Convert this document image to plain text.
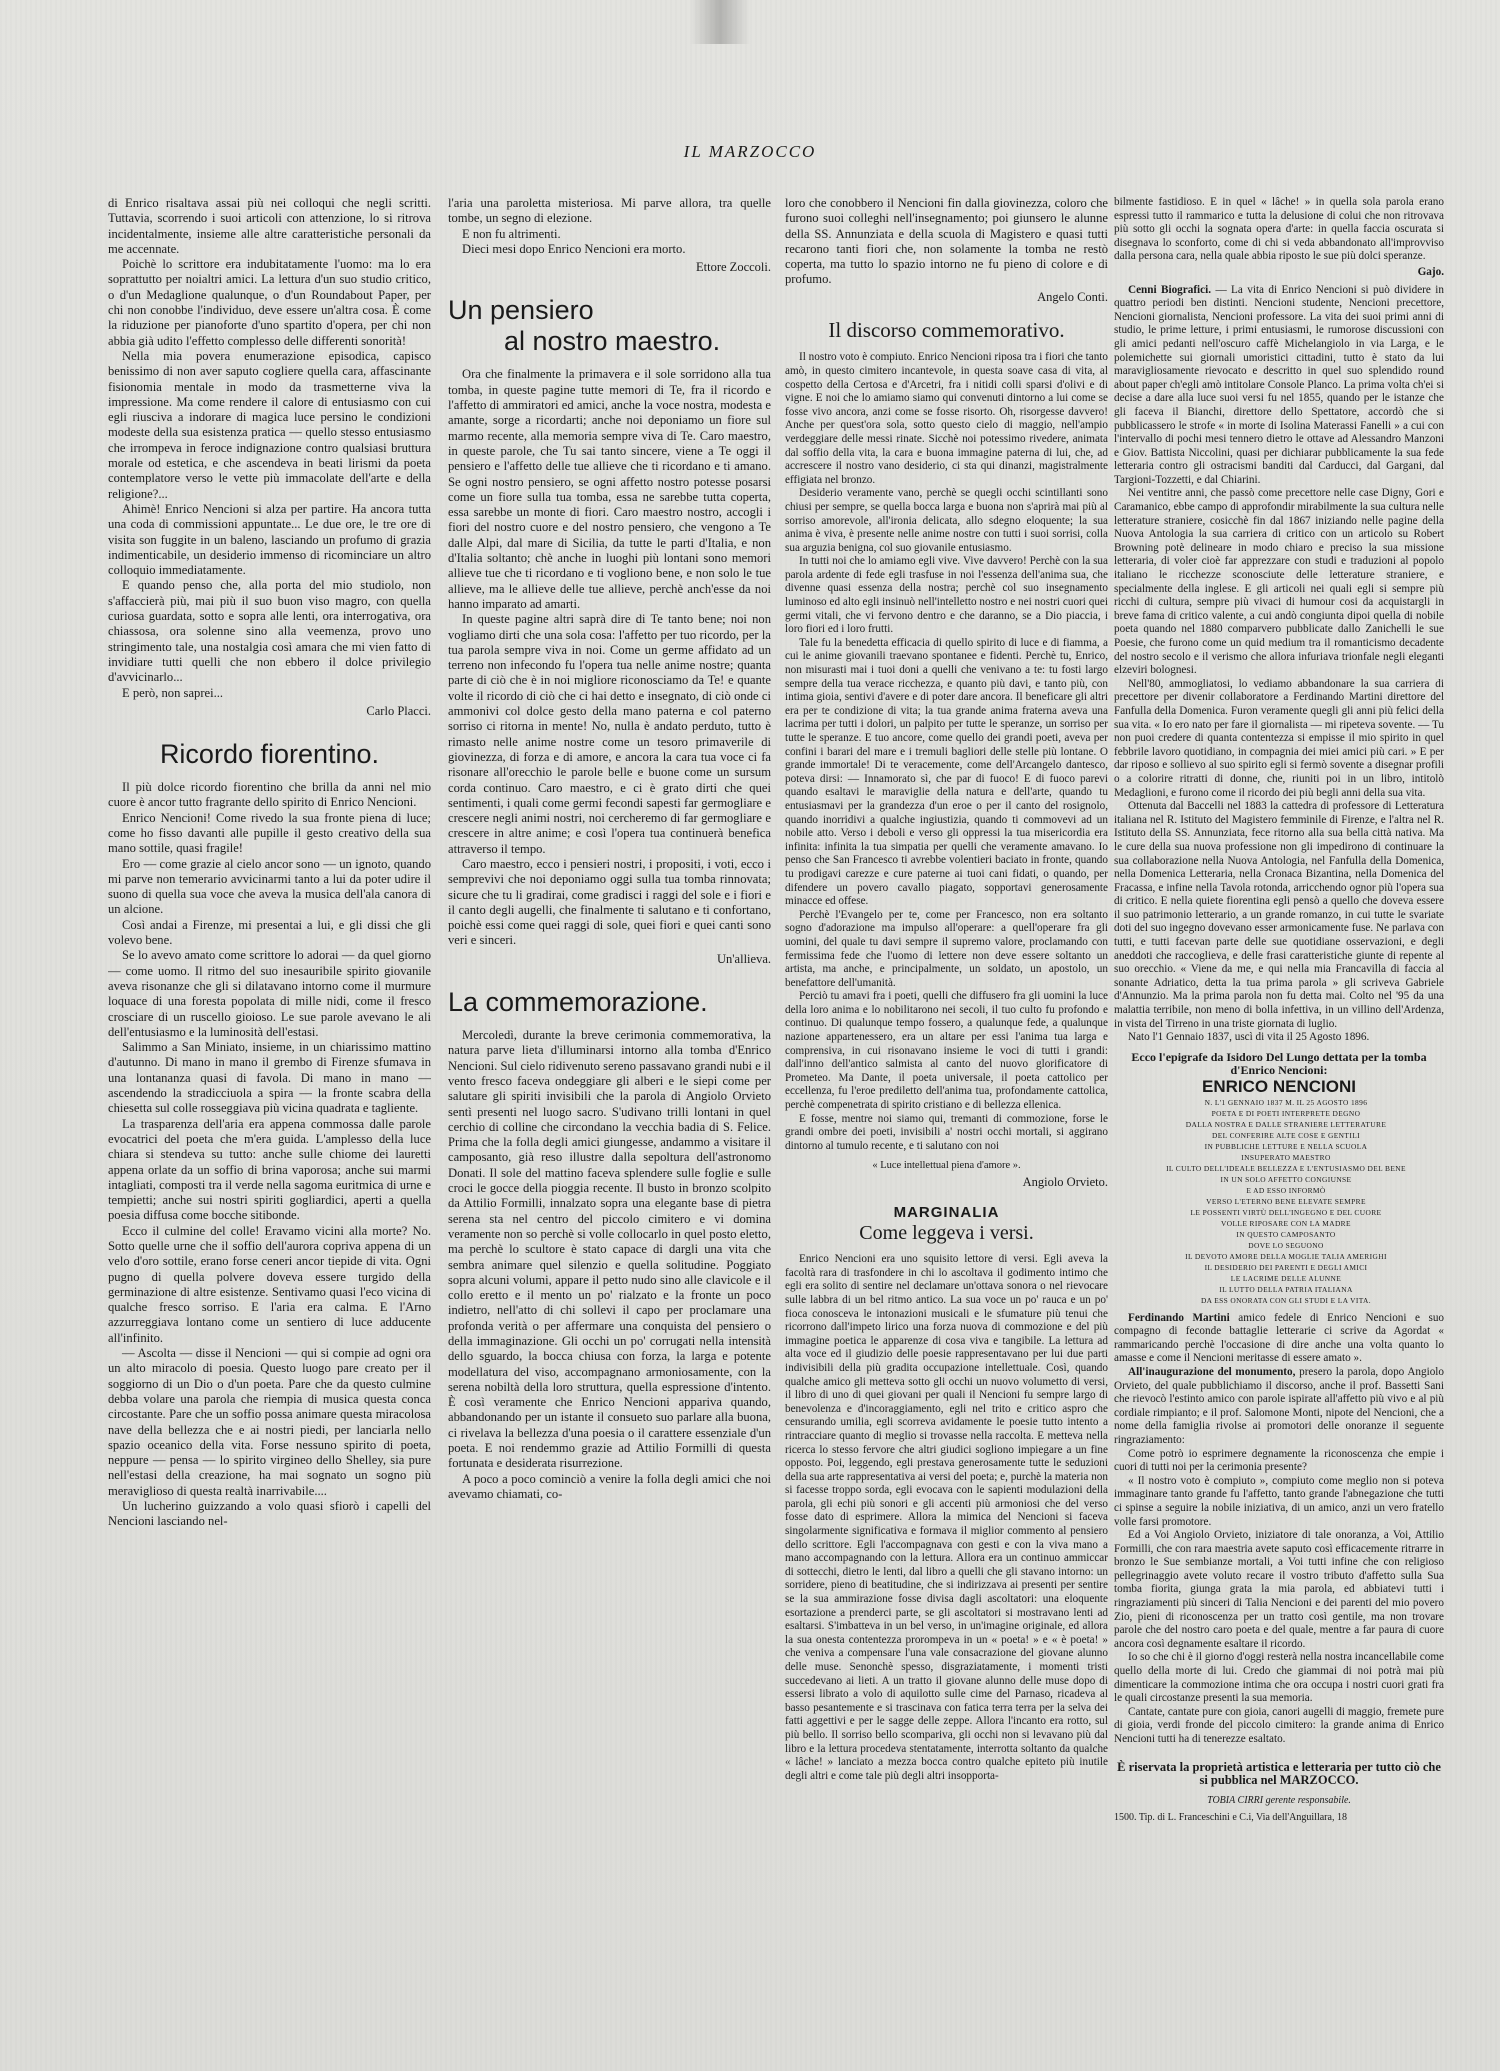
IL MARZOCCO

di Enrico risaltava assai più nei colloqui che negli scritti. Tuttavia, scorrendo i suoi articoli con attenzione, lo si ritrova incidentalmente, insieme alle altre caratteristiche personali da me accennate.

Poichè lo scrittore era indubitatamente l'uomo: ma lo era soprattutto per noialtri amici. La lettura d'un suo studio critico, o d'un Medaglione qualunque, o d'un Roundabout Paper, per chi non conobbe l'individuo, deve essere un'altra cosa. È come la riduzione per pianoforte d'uno spartito d'opera, per chi non abbia già udito l'effetto complesso delle differenti sonorità!

Nella mia povera enumerazione episodica, capisco benissimo di non aver saputo cogliere quella cara, affascinante fisionomia mentale in modo da trasmetterne viva la impressione. Ma come rendere il calore di entusiasmo con cui egli riusciva a indorare di magica luce persino le condizioni modeste della sua esistenza pratica — quello stesso entusiasmo che irrompeva in feroce indignazione contro qualsiasi bruttura morale od estetica, e che ascendeva in beati lirismi da poeta contemplatore verso le vette più immacolate dell'arte e della religione?...

Ahimè! Enrico Nencioni si alza per partire. Ha ancora tutta una coda di commissioni appuntate... Le due ore, le tre ore di visita son fuggite in un baleno, lasciando un profumo di grazia indimenticabile, un desiderio immenso di ricominciare un altro colloquio immediatamente.

E quando penso che, alla porta del mio studiolo, non s'affaccierà più, mai più il suo buon viso magro, con quella curiosa guardata, sotto e sopra alle lenti, ora interrogativa, ora chiassosa, ora solenne sino alla veemenza, provo uno stringimento tale, una nostalgia così amara che mi vien fatto di invidiare tutti quelli che non ebbero il dolce privilegio d'avvicinarlo...

E però, non saprei...

Carlo Placci.
Ricordo fiorentino.

Il più dolce ricordo fiorentino che brilla da anni nel mio cuore è ancor tutto fragrante dello spirito di Enrico Nencioni.

Enrico Nencioni! Come rivedo la sua fronte piena di luce; come ho fisso davanti alle pupille il gesto creativo della sua mano sottile, quasi fragile!

Ero — come grazie al cielo ancor sono — un ignoto, quando mi parve non temerario avvicinarmi tanto a lui da poter udire il suono di quella sua voce che aveva la musica dell'ala canora di un alcione.

Così andai a Firenze, mi presentai a lui, e gli dissi che gli volevo bene.

Se lo avevo amato come scrittore lo adorai — da quel giorno — come uomo. Il ritmo del suo inesauribile spirito giovanile aveva risonanze che gli si dilatavano intorno come il murmure loquace di una foresta popolata di mille nidi, come il fresco crosciare di un ruscello gioioso. Le sue parole avevano le ali dell'entusiasmo e la luminosità dell'estasi.

Salimmo a San Miniato, insieme, in un chiarissimo mattino d'autunno. Di mano in mano il grembo di Firenze sfumava in una lontananza quasi di favola. Di mano in mano — ascendendo la stradicciuola a spira — la fronte scabra della chiesetta sul colle rosseggiava più vicina quadrata e tagliente.

La trasparenza dell'aria era appena commossa dalle parole evocatrici del poeta che m'era guida. L'amplesso della luce chiara si stendeva su tutto: anche sulle chiome dei lauretti appena orlate da un soffio di brina vaporosa; anche sui marmi intagliati, composti tra il verde nella sagoma euritmica di urne e tempietti; anche sui nostri spiriti gogliardici, aperti a quella poesia diffusa come bocche sitibonde.

Ecco il culmine del colle! Eravamo vicini alla morte? No. Sotto quelle urne che il soffio dell'aurora copriva appena di un velo d'oro sottile, erano forse ceneri ancor tiepide di vita. Ogni pugno di quella polvere doveva essere turgido della germinazione di altre esistenze. Sentivamo quasi l'eco vicina di qualche fresco sorriso. E l'aria era calma. E l'Arno azzurreggiava lontano come un sentiero di luce adducente all'infinito.

— Ascolta — disse il Nencioni — qui si compie ad ogni ora un alto miracolo di poesia. Questo luogo pare creato per il soggiorno di un Dio o d'un poeta. Pare che da questo culmine debba volare una parola che riempia di musica questa conca circostante. Pare che un soffio possa animare questa miracolosa nave della bellezza che e ai nostri piedi, per lanciarla nello spazio oceanico della vita. Forse nessuno spirito di poeta, neppure — pensa — lo spirito virgineo dello Shelley, sia pure nell'estasi della creazione, ha mai sognato un sogno più meraviglioso di questa realtà inarrivabile....

Un lucherino guizzando a volo quasi sfiorò i capelli del Nencioni lasciando nel-

l'aria una paroletta misteriosa. Mi parve allora, tra quelle tombe, un segno di elezione.

E non fu altrimenti.

Dieci mesi dopo Enrico Nencioni era morto.

Ettore Zoccoli.
Un pensiero
al nostro maestro.

Ora che finalmente la primavera e il sole sorridono alla tua tomba, in queste pagine tutte memori di Te, fra il ricordo e l'affetto di ammiratori ed amici, anche la voce nostra, modesta e amante, sorge a ricordarti; anche noi deponiamo un fiore sul marmo recente, alla memoria sempre viva di Te. Caro maestro, in queste parole, che Tu sai tanto sincere, viene a Te oggi il pensiero e l'affetto delle tue allieve che ti ricordano e ti amano. Se ogni nostro pensiero, se ogni affetto nostro potesse posarsi come un fiore sulla tua tomba, essa ne sarebbe tutta coperta, essa sarebbe un monte di fiori. Caro maestro nostro, accogli i fiori del nostro cuore e del nostro pensiero, che vengono a Te dalle Alpi, dal mare di Sicilia, da tutte le parti d'Italia, e non d'Italia soltanto; chè anche in luoghi più lontani sono memori allieve tue che ti ricordano e ti vogliono bene, e non solo le tue allieve, ma le allieve delle tue allieve, perchè anch'esse da noi hanno imparato ad amarti.

In queste pagine altri saprà dire di Te tanto bene; noi non vogliamo dirti che una sola cosa: l'affetto per tuo ricordo, per la tua parola sempre viva in noi. Come un germe affidato ad un terreno non infecondo fu l'opera tua nelle anime nostre; quanta parte di ciò che è in noi migliore riconosciamo da Te! e quante volte il ricordo di ciò che ci hai detto e insegnato, di ciò onde ci ammonivi col dolce gesto della mano paterna e col paterno sorriso ci ritorna in mente! No, nulla è andato perduto, tutto è rimasto nelle anime nostre come un tesoro primaverile di giovinezza, di forza e di amore, e ancora la cara tua voce ci fa risonare all'orecchio le parole belle e buone come un sursum corda continuo. Caro maestro, e ci è grato dirti che quei sentimenti, i quali come germi fecondi sapesti far germogliare e crescere negli animi nostri, noi cercheremo di far germogliare e crescere in altre anime; e così l'opera tua continuerà benefica attraverso il tempo.

Caro maestro, ecco i pensieri nostri, i propositi, i voti, ecco i semprevivi che noi deponiamo oggi sulla tua tomba rinnovata; sicure che tu li gradirai, come gradisci i raggi del sole e i fiori e il canto degli augelli, che finalmente ti salutano e ti confortano, poichè essi come quei raggi di sole, quei fiori e quei canti sono veri e sinceri.

Un'allieva.
La commemorazione.

Mercoledì, durante la breve cerimonia commemorativa, la natura parve lieta d'illuminarsi intorno alla tomba d'Enrico Nencioni. Sul cielo ridivenuto sereno passavano grandi nubi e il vento fresco faceva ondeggiare gli alberi e le siepi come per salutare gli spiriti invisibili che la parola di Angiolo Orvieto sentì presenti nel luogo sacro. S'udivano trilli lontani in quel cerchio di colline che circondano la vecchia badia di S. Felice. Prima che la folla degli amici giungesse, andammo a visitare il camposanto, già reso illustre dalla sepoltura dell'astronomo Donati. Il sole del mattino faceva splendere sulle foglie e sulle croci le gocce della pioggia recente. Il busto in bronzo scolpito da Attilio Formilli, innalzato sopra una elegante base di pietra serena sta nel centro del piccolo cimitero e vi domina veramente non so perchè si volle collocarlo in quel posto eletto, ma perchè lo scultore è stato capace di dargli una vita che sembra animare quel silenzio e quella solitudine. Poggiato sopra alcuni volumi, appare il petto nudo sino alle clavicole e il collo eretto e il mento un po' rialzato e la fronte un poco indietro, nell'atto di chi sollevi il capo per proclamare una profonda verità o per affermare una conquista del pensiero o della immaginazione. Gli occhi un po' corrugati nella intensità dello sguardo, la bocca chiusa con forza, la larga e potente modellatura del viso, accompagnano armoniosamente, con la serena nobiltà della loro struttura, quella espressione d'intento. È così veramente che Enrico Nencioni appariva quando, abbandonando per un istante il consueto suo parlare alla buona, ci rivelava la bellezza d'una poesia o il carattere essenziale d'un poeta. E noi rendemmo grazie ad Attilio Formilli di questa fortunata e desiderata risurrezione.

A poco a poco cominciò a venire la folla degli amici che noi avevamo chiamati, co-

loro che conobbero il Nencioni fin dalla giovinezza, coloro che furono suoi colleghi nell'insegnamento; poi giunsero le alunne della SS. Annunziata e della scuola di Magistero e quasi tutti recarono tanti fiori che, non solamente la tomba ne restò coperta, ma tutto lo spazio intorno ne fu pieno di colore e di profumo.

Angelo Conti.
Il discorso commemorativo.

Il nostro voto è compiuto. Enrico Nencioni riposa tra i fiori che tanto amò, in questo cimitero incantevole, in questa soave casa di vita, al cospetto della Certosa e d'Arcetri, fra i nitidi colli sparsi d'olivi e di vigne. E noi che lo amiamo siamo qui convenuti dintorno a lui come se fosse vivo ancora, anzi come se fosse risorto. Oh, risorgesse davvero! Anche per quest'ora sola, sotto questo cielo di maggio, nell'ampio verdeggiare delle messi rinate. Sicchè noi potessimo rivedere, animata dal soffio della vita, la cara e buona immagine paterna di lui, che, ad accrescere il nostro vano desiderio, ci sta qui dinanzi, magistralmente effigiata nel bronzo.

Desiderio veramente vano, perchè se quegli occhi scintillanti sono chiusi per sempre, se quella bocca larga e buona non s'aprirà mai più al sorriso amorevole, all'ironia delicata, allo sdegno eloquente; la sua anima è viva, è presente nelle anime nostre con tutti i suoi sorrisi, colla sua arguzia benigna, col suo giovanile entusiasmo.

In tutti noi che lo amiamo egli vive. Vive davvero! Perchè con la sua parola ardente di fede egli trasfuse in noi l'essenza dell'anima sua, che divenne quasi essenza della nostra; perchè col suo insegnamento luminoso ed alto egli insinuò nell'intelletto nostro e nei nostri cuori quei germi vitali, che vi fervono dentro e che daranno, se a Dio piaccia, i loro fiori ed i loro frutti.

Tale fu la benedetta efficacia di quello spirito di luce e di fiamma, a cui le anime giovanili traevano spontanee e fidenti. Perchè tu, Enrico, non misurasti mai i tuoi doni a quelli che venivano a te: tu fosti largo sempre della tua verace ricchezza, e quanto più davi, e tanto più, con intima gioia, sentivi d'avere e di poter dare ancora. Il beneficare gli altri era per te condizione di vita; la tua grande anima fraterna aveva una lacrima per tutti i dolori, un palpito per tutte le speranze, un sorriso per tutte le speranze. E tuo ancore, come quello dei grandi poeti, aveva per confini i barari del mare e i tremuli bagliori delle stelle più lontane. O grande immortale! Di te veracemente, come dell'Arcangelo dantesco, poteva dirsi: — Innamorato sì, che par di fuoco! E di fuoco parevi quando esaltavi le maraviglie della natura e dell'arte, quando tu entusiasmavi per la grandezza d'un eroe o per il canto del rosignolo, quando inorridivi a qualche ingiustizia, quando ti commovevi ad un nobile atto. Verso i deboli e verso gli oppressi la tua misericordia era infinita: infinita la tua simpatia per quelli che veramente amavano. Io penso che San Francesco ti avrebbe volentieri baciato in fronte, quando tu prodigavi carezze e cure paterne ai tuoi cani fidati, o quando, per difendere un povero cavallo piagato, sopportavi generosamente minacce ed offese.

Perchè l'Evangelo per te, come per Francesco, non era soltanto sogno d'adorazione ma impulso all'operare: a quell'operare fra gli uomini, del quale tu davi sempre il supremo valore, proclamando con fermissima fede che l'uomo di lettere non deve essere soltanto un artista, ma anche, e principalmente, un soldato, un apostolo, un benefattore dell'umanità.

Perciò tu amavi fra i poeti, quelli che diffusero fra gli uomini la luce della loro anima e lo nobilitarono nei secoli, il tuo culto fu profondo e continuo. Di qualunque tempo fossero, a qualunque fede, a qualunque nazione appartenessero, era un altare per essi l'anima tua larga e comprensiva, in cui risonavano insieme le voci di tutti i grandi: dall'inno dell'antico salmista al canto del nuovo glorificatore di Prometeo. Ma Dante, il poeta universale, il poeta cattolico per eccellenza, fu l'eroe prediletto dell'anima tua, profondamente cattolica, perchè compenetrata di spirito cristiano e di bellezza ellenica.

E fosse, mentre noi siamo qui, tremanti di commozione, forse le grandi ombre dei poeti, invisibili a' nostri occhi mortali, si aggirano dintorno al tumulo recente, e ti salutano con noi

« Luce intellettual piena d'amore ».
Angiolo Orvieto.
MARGINALIA
Come leggeva i versi.

Enrico Nencioni era uno squisito lettore di versi. Egli aveva la facoltà rara di trasfondere in chi lo ascoltava il godimento intimo che egli era solito di sentire nel declamare un'ottava sonora o nel rievocare sulle labbra di un bel ritmo antico. La sua voce un po' rauca e un po' fioca conosceva le intonazioni musicali e le sfumature più tenui che ricorrono dall'impeto lirico una forza nuova di commozione e del più immagine poetica le apparenze di cosa viva e tangibile. La lettura ad alta voce ed il giudizio delle poesie rappresentavano per lui due parti indivisibili della più gradita occupazione intellettuale. Così, quando qualche amico gli metteva sotto gli occhi un nuovo volumetto di versi, il libro di uno di quei giovani per quali il Nencioni fu sempre largo di benevolenza e d'incoraggiamento, egli nel trito e critico aspro che censurando umilia, egli scorreva avidamente le poesie tutto intento a rintracciare quanto di meglio si trovasse nella raccolta. E metteva nella ricerca lo stesso fervore che altri giudici sogliono impiegare a un fine opposto. Poi, leggendo, egli prestava generosamente tutte le seduzioni della sua arte rappresentativa ai versi del poeta; e, purchè la materia non si facesse troppo sorda, egli evocava con le sapienti modulazioni della parola, gli echi più sonori e gli accenti più armoniosi che del verso fosse dato di esprimere. Allora la mimica del Nencioni si faceva singolarmente significativa e formava il miglior commento al pensiero dello scrittore. Egli l'accompagnava con gesti e con la viva mano a mano accompagnando con la lettura. Allora era un continuo ammiccar di sottecchi, dietro le lenti, dal libro a quelli che gli stavano intorno: un sorridere, pieno di beatitudine, che si indirizzava ai presenti per sentire se la sua ammirazione fosse divisa dagli ascoltatori: una eloquente esortazione a prenderci parte, se gli ascoltatori si mostravano lenti ad esaltarsi. S'imbattevа in un bel verso, in un'imagine originale, ed allora la sua onesta contentezza prorompeva in un « poeta! » e « è poeta! » che veniva a compensare l'una vale consacrazione del giovane alunno delle muse. Senonchè spesso, disgraziatamente, i momenti tristi succedevano ai lieti. A un tratto il giovane alunno delle muse dopo di essersi librato a volo di aquilotto sulle cime del Parnaso, ricadeva al basso pesantemente e si trascinava con fatica terra terra per la selva dei fatti aggettivi e per le sagge delle zeppe. Allora l'incanto era rotto, sul più bello. Il sorriso bello scompariva, gli occhi non si levavano più dal libro e la lettura procedeva stentatamente, interrotta soltanto da qualche « lâche! » lanciato a mezza bocca contro qualche epiteto più inutile degli altri e come tale più degli altri insopporta-

bilmente fastidioso. E in quel « lâche! » in quella sola parola erano espressi tutto il rammarico e tutta la delusione di colui che non ritrovava più sotto gli occhi la sognata opera d'arte: in quella faccia oscurata si disegnava lo sconforto, come di chi si veda abbandonato all'improvviso dalla persona cara, nella quale abbia riposto le sue più dolci speranze.

Gajo.

Cenni Biografici. — La vita di Enrico Nencioni si può dividere in quattro periodi ben distinti. Nencioni studente, Nencioni precettore, Nencioni giornalista, Nencioni professore. La vita dei suoi primi anni di studio, le prime letture, i primi entusiasmi, le rumorose discussioni con gli amici pedanti nell'oscuro caffè Michelangiolo in via Larga, e le polemichette sui giornali umoristici cittadini, tutto è stato da lui maravigliosamente rievocato e descritto in quel suo splendido round about paper ch'egli amò intitolare Console Planco. La prima volta ch'ei si decise a dare alla luce suoi versi fu nel 1855, quando per le istanze che gli faceva il Bianchi, direttore dello Spettatore, accordò che si pubblicassero le strofe « in morte di Isolina Materassi Fanelli » a cui con l'intervallo di pochi mesi tennero dietro le ottave ad Alessandro Manzoni e Giov. Battista Niccolini, quasi per dichiarar pubblicamente la sua fede letteraria contro gli ostracismi banditi dal Carducci, dal Gargani, dal Targioni-Tozzetti, e dal Chiarini.

Nei ventitre anni, che passò come precettore nelle case Digny, Gori e Caramanico, ebbe campo di approfondir mirabilmente la sua cultura nelle letterature straniere, cosicchè fin dal 1867 iniziando nelle pagine della Nuova Antologia la sua carriera di critico con un articolo su Robert Browning potè delineare in modo chiaro e preciso la sua missione letteraria, di voler cioè far apprezzare con studi e traduzioni al popolo italiano le ricchezze sconosciute delle letterature straniere, e specialmente della inglese. E gli articoli nei quali egli si sempre più ricchi di cultura, sempre più vivaci di humour cosi da acquistargli in breve fama di critico valente, a cui andò congiunta dipoi quella di nobile poeta quando nel 1880 comparvero pubblicate dallo Zanichelli le sue Poesie, che furono come un quid medium tra il romanticismo decadente del nostro secolo e il verismo che allora infuriava trionfale negli eleganti elzeviri bolognesi.

Nell'80, ammogliatosi, lo vediamo abbandonare la sua carriera di precettore per divenir collaboratore a Ferdinando Martini direttore del Fanfulla della Domenica. Furon veramente quegli gli anni più felici della sua vita. « Io ero nato per fare il giornalista — mi ripeteva sovente. — Tu non puoi credere di quanta contentezza si empisse il mio spirito in quel febbrile lavoro quotidiano, in compagnia dei miei amici più cari. » E per dar riposo e sollievo al suo spirito egli si fermò sovente a disegnar profili o a colorire ritratti di donne, che, riuniti poi in un libro, intitolò Medaglioni, e furono come il ricordo dei più begli anni della sua vita.

Ottenuta dal Baccelli nel 1883 la cattedra di professore di Letteratura italiana nel R. Istituto del Magistero femminile di Firenze, e l'altra nel R. Istituto della SS. Annunziata, fece ritorno alla sua bella città nativa. Ma le cure della sua nuova professione non gli impedirono di continuare la sua collaborazione nella Nuova Antologia, nel Fanfulla della Domenica, nella Domenica Letteraria, nella Cronaca Bizantina, nella Domenica del Fracassa, e infine nella Tavola rotonda, arricchendo ognor più l'opera sua di critico. E nella quiete fiorentina egli pensò a quello che doveva essere il suo patrimonio letterario, a un grande romanzo, in cui tutte le svariate doti del suo ingegno dovevano esser armonicamente fuse. Ne parlava con tutti, e tutti facevan parte delle sue quotidiane osservazioni, e degli aneddoti che raccoglieva, e delle frasi caratteristiche giunte di repente al suo orecchio. « Viene da me, e qui nella mia Francavilla di faccia al sonante Adriatico, detta la tua prima parola » gli scriveva Gabriele d'Annunzio. Ma la prima parola non fu detta mai. Colto nel '95 da una malattia terribile, non meno di bolla infettiva, in un villino dell'Ardenza, in vista del Tirreno in una triste giornata di luglio.

Nato l'1 Gennaio 1837, uscì di vita il 25 Agosto 1896.

Ecco l'epigrafe da Isidoro Del Lungo dettata per la tomba d'Enrico Nencioni:
ENRICO NENCIONI

N. L'1 GENNAIO 1837 M. IL 25 AGOSTO 1896

POETA E DI POETI INTERPRETE DEGNO

DALLA NOSTRA E DALLE STRANIERE LETTERATURE

DEL CONFERIRE ALTE COSE E GENTILI

IN PUBBLICHE LETTURE E NELLA SCUOLA

INSUPERATO MAESTRO

IL CULTO DELL'IDEALE BELLEZZA E L'ENTUSIASMO DEL BENE

IN UN SOLO AFFETTO CONGIUNSE

E AD ESSO INFORMÒ

VERSO L'ETERNO BENE ELEVATE SEMPRE

LE POSSENTI VIRTÙ DELL'INGEGNO E DEL CUORE

VOLLE RIPOSARE CON LA MADRE

IN QUESTO CAMPOSANTO

DOVE LO SEGUONO

IL DEVOTO AMORE DELLA MOGLIE TALIA AMERIGHI

IL DESIDERIO DEI PARENTI E DEGLI AMICI

LE LACRIME DELLE ALUNNE

IL LUTTO DELLA PATRIA ITALIANA

DA ESS ONORATA CON GLI STUDI E LA VITA.

Ferdinando Martini amico fedele di Enrico Nencioni e suo compagno di feconde battaglie letterarie ci scrive da Agordat « rammaricando perchè l'occasione di dire anche una volta quanto lo amasse e come il Nencioni meritasse di essere amato ».

All'inaugurazione del monumento, presero la parola, dopo Angiolo Orvieto, del quale pubblichiamo il discorso, anche il prof. Bassetti Sani che rievocò l'estinto amico con parole ispirate all'affetto più vivo e al più cordiale rimpianto; e il prof. Salomone Monti, nipote del Nencioni, che a nome della famiglia rivolse ai promotori delle onoranze il seguente ringraziamento:

Come potrò io esprimere degnamente la riconoscenza che empie i cuori di tutti noi per la cerimonia presente?

« Il nostro voto è compiuto », compiuto come meglio non si poteva immaginare tanto grande fu l'affetto, tanto grande l'abnegazione che tutti ci spinse a seguire la nobile iniziativa, di un amico, anzi un vero fratello volle farsi promotore.

Ed a Voi Angiolo Orvieto, iniziatore di tale onoranza, a Voi, Attilio Formilli, che con rara maestria avete saputo così efficacemente ritrarre in bronzo le Sue sembianze mortali, a Voi tutti infine che con religioso pellegrinaggio avete voluto recare il vostro tributo d'affetto sulla Sua tomba fiorita, giunga grata la mia parola, ed abbiatevi tutti i ringraziamenti più sinceri di Talia Nencioni e dei parenti del mio povero Zio, pieni di riconoscenza per un tratto così gentile, ma non trovare parole che del nostro caro poeta e del quale, mentre a far paura di cuore ancora così degnamente esaltare il ricordo.

Io so che chi è il giorno d'oggi resterà nella nostra incancellabile come quello della morte di lui. Credo che giammai di noi potrà mai più dimenticare la commozione intima che ora occupa i nostri cuori grati fra le quali circostanze presenti la sua memoria.

Cantate, cantate pure con gioia, canori augelli di maggio, fremete pure di gioia, verdi fronde del piccolo cimitero: la grande anima di Enrico Nencioni tutti ha di tenerezze esaltato.

È riservata la proprietà artistica e letteraria per tutto ciò che si pubblica nel MARZOCCO.
TOBIA CIRRI gerente responsabile.
1500. Tip. di L. Franceschini e C.i, Via dell'Anguillara, 18
